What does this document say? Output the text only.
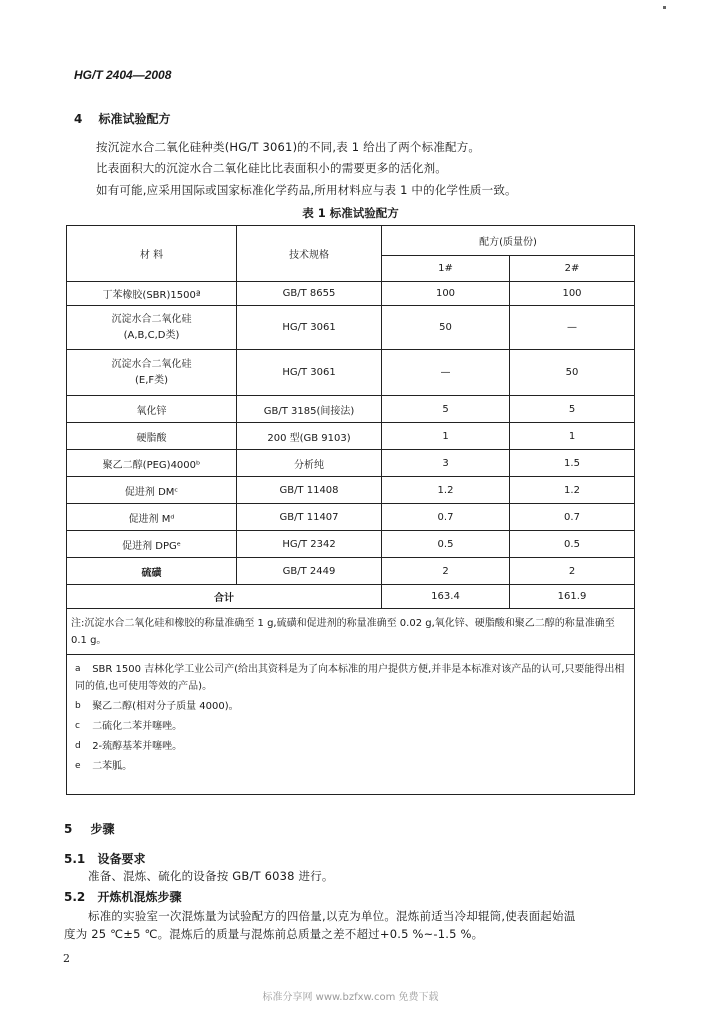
HG/T 2404—2008
4 标准试验配方
按沉淀水合二氧化硅种类(HG/T 3061)的不同,表 1 给出了两个标准配方。
比表面积大的沉淀水合二氧化硅比比表面积小的需要更多的活化剂。
如有可能,应采用国际或国家标准化学药品,所用材料应与表 1 中的化学性质一致。
表 1 标准试验配方
材 料	技术规格	配方(质量份)	
		1#	2#
丁苯橡胶(SBR)1500ª	GB/T 8655	100	100
沉淀水合二氧化硅
(A,B,C,D类)	HG/T 3061	50	—
沉淀水合二氧化硅
(E,F类)	HG/T 3061	—	50
氧化锌	GB/T 3185(间接法)	5	5
硬脂酸	200 型(GB 9103)	1	1
聚乙二醇(PEG)4000ᵇ	分析纯	3	1.5
促进剂 DMᶜ	GB/T 11408	1.2	1.2
促进剂 Mᵈ	GB/T 11407	0.7	0.7
促进剂 DPGᵉ	HG/T 2342	0.5	0.5
硫磺	GB/T 2449	2	2
合计		163.4	161.9
注:沉淀水合二氧化硅和橡胶的称量准确至 1 g,硫磺和促进剂的称量准确至 0.02 g,氧化锌、硬脂酸和聚乙二醇的称量准确至 0.1 g。			

a SBR 1500 吉林化学工业公司产(给出其资料是为了向本标准的用户提供方便,并非是本标准对该产品的认可,只要能得出相同的值,也可使用等效的产品)。
b 聚乙二醇(相对分子质量 4000)。
c 二硫化二苯并噻唑。
d 2-巯醇基苯并噻唑。
e 二苯胍。			
5 步骤
5.1 设备要求
准备、混炼、硫化的设备按 GB/T 6038 进行。
5.2 开炼机混炼步骤
标准的实验室一次混炼量为试验配方的四倍量,以克为单位。混炼前适当冷却辊筒,使表面起始温
度为 25 ℃±5 ℃。混炼后的质量与混炼前总质量之差不超过+0.5 %~-1.5 %。
2
标准分享网 www.bzfxw.com 免费下载
